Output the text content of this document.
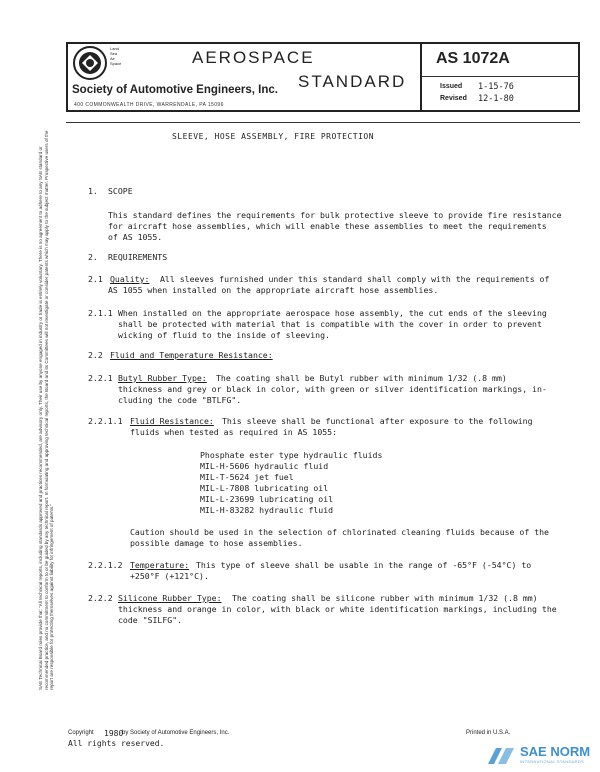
Land
Sea
Air
Space	AEROSPACE
STANDARD
Society of Automotive Engineers, Inc.
400 COMMONWEALTH DRIVE, WARRENDALE, PA 15096
AS 1072A
Issued 1-15-76
Revised 12-1-80
SAE Technical Board rules provide that: "All technical reports, including standards approved and practices recommended, are advisory only. Their use by anyone engaged in industry or trade is entirely voluntary. There is no agreement to adhere to any SAE standard or recommended practice, and no commitment to conform to or be guided by any technical report. In formulating and approving technical reports, the Board and its Committees will not investigate or consider patents which may apply to the subject matter. Prospective users of the report are responsible for protecting themselves against liability for infringement of patents."
SLEEVE, HOSE ASSEMBLY, FIRE PROTECTION
1. SCOPE
This standard defines the requirements for bulk protective sleeve to provide fire resistance
for aircraft hose assemblies, which will enable these assemblies to meet the requirements
of AS 1055.
2. REQUIREMENTS
2.1 Quality: All sleeves furnished under this standard shall comply with the requirements of
AS 1055 when installed on the appropriate aircraft hose assemblies.
2.1.1 When installed on the appropriate aerospace hose assembly, the cut ends of the sleeving
shall be protected with material that is compatible with the cover in order to prevent
wicking of fluid to the inside of sleeving.
2.2 Fluid and Temperature Resistance:
2.2.1 Butyl Rubber Type: The coating shall be Butyl rubber with minimum 1/32 (.8 mm)
thickness and grey or black in color, with green or silver identification markings, in-
cluding the code "BTLFG".
2.2.1.1 Fluid Resistance: This sleeve shall be functional after exposure to the following
fluids when tested as required in AS 1055:
Phosphate ester type hydraulic fluids
MIL-H-5606 hydraulic fluid
MIL-T-5624 jet fuel
MIL-L-7808 lubricating oil
MIL-L-23699 lubricating oil
MIL-H-83282 hydraulic fluid
Caution should be used in the selection of chlorinated cleaning fluids because of the
possible damage to hose assemblies.
2.2.1.2 Temperature: This type of sleeve shall be usable in the range of -65°F (-54°C) to
+250°F (+121°C).
2.2.2 Silicone Rubber Type: The coating shall be silicone rubber with minimum 1/32 (.8 mm)
thickness and orange in color, with black or white identification markings, including the
code "SILFG".
Copyright 1980
by Society of Automotive Engineers, Inc.
All rights reserved.
Printed in U.S.A.
SAE NORM
INTERNATIONAL STANDARDS
